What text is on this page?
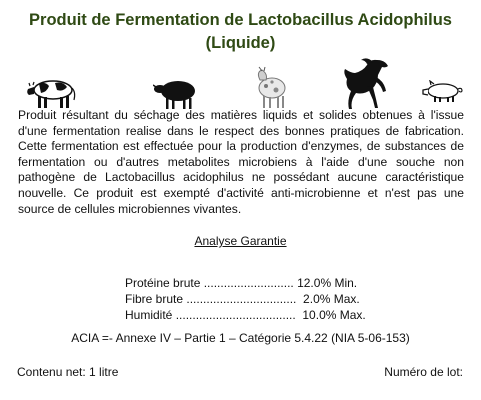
Produit de Fermentation de Lactobacillus Acidophilus
(Liquide)

Produit résultant du séchage des matières liquids et solides obtenues à l'issue d'une fermentation realise dans le respect des bonnes pratiques de fabrication. Cette fermentation est effectuée pour la production d'enzymes, de substances de fermentation ou d'autres metabolites microbiens à l'aide d'une souche non pathogène de Lactobacillus acidophilus ne possédant aucune caractéristique nouvelle. Ce produit est exempté d'activité anti-microbienne et n'est pas une source de cellules microbiennes vivantes.

Analyse Garantie
Protéine brute ........................... 12.0% Min.
Fibre brute .................................  2.0% Max.
Humidité ....................................  10.0% Max.
ACIA =- Annexe IV – Partie 1 – Catégorie 5.4.22 (NIA 5-06-153)
Contenu net: 1 litre	Numéro de lot:
